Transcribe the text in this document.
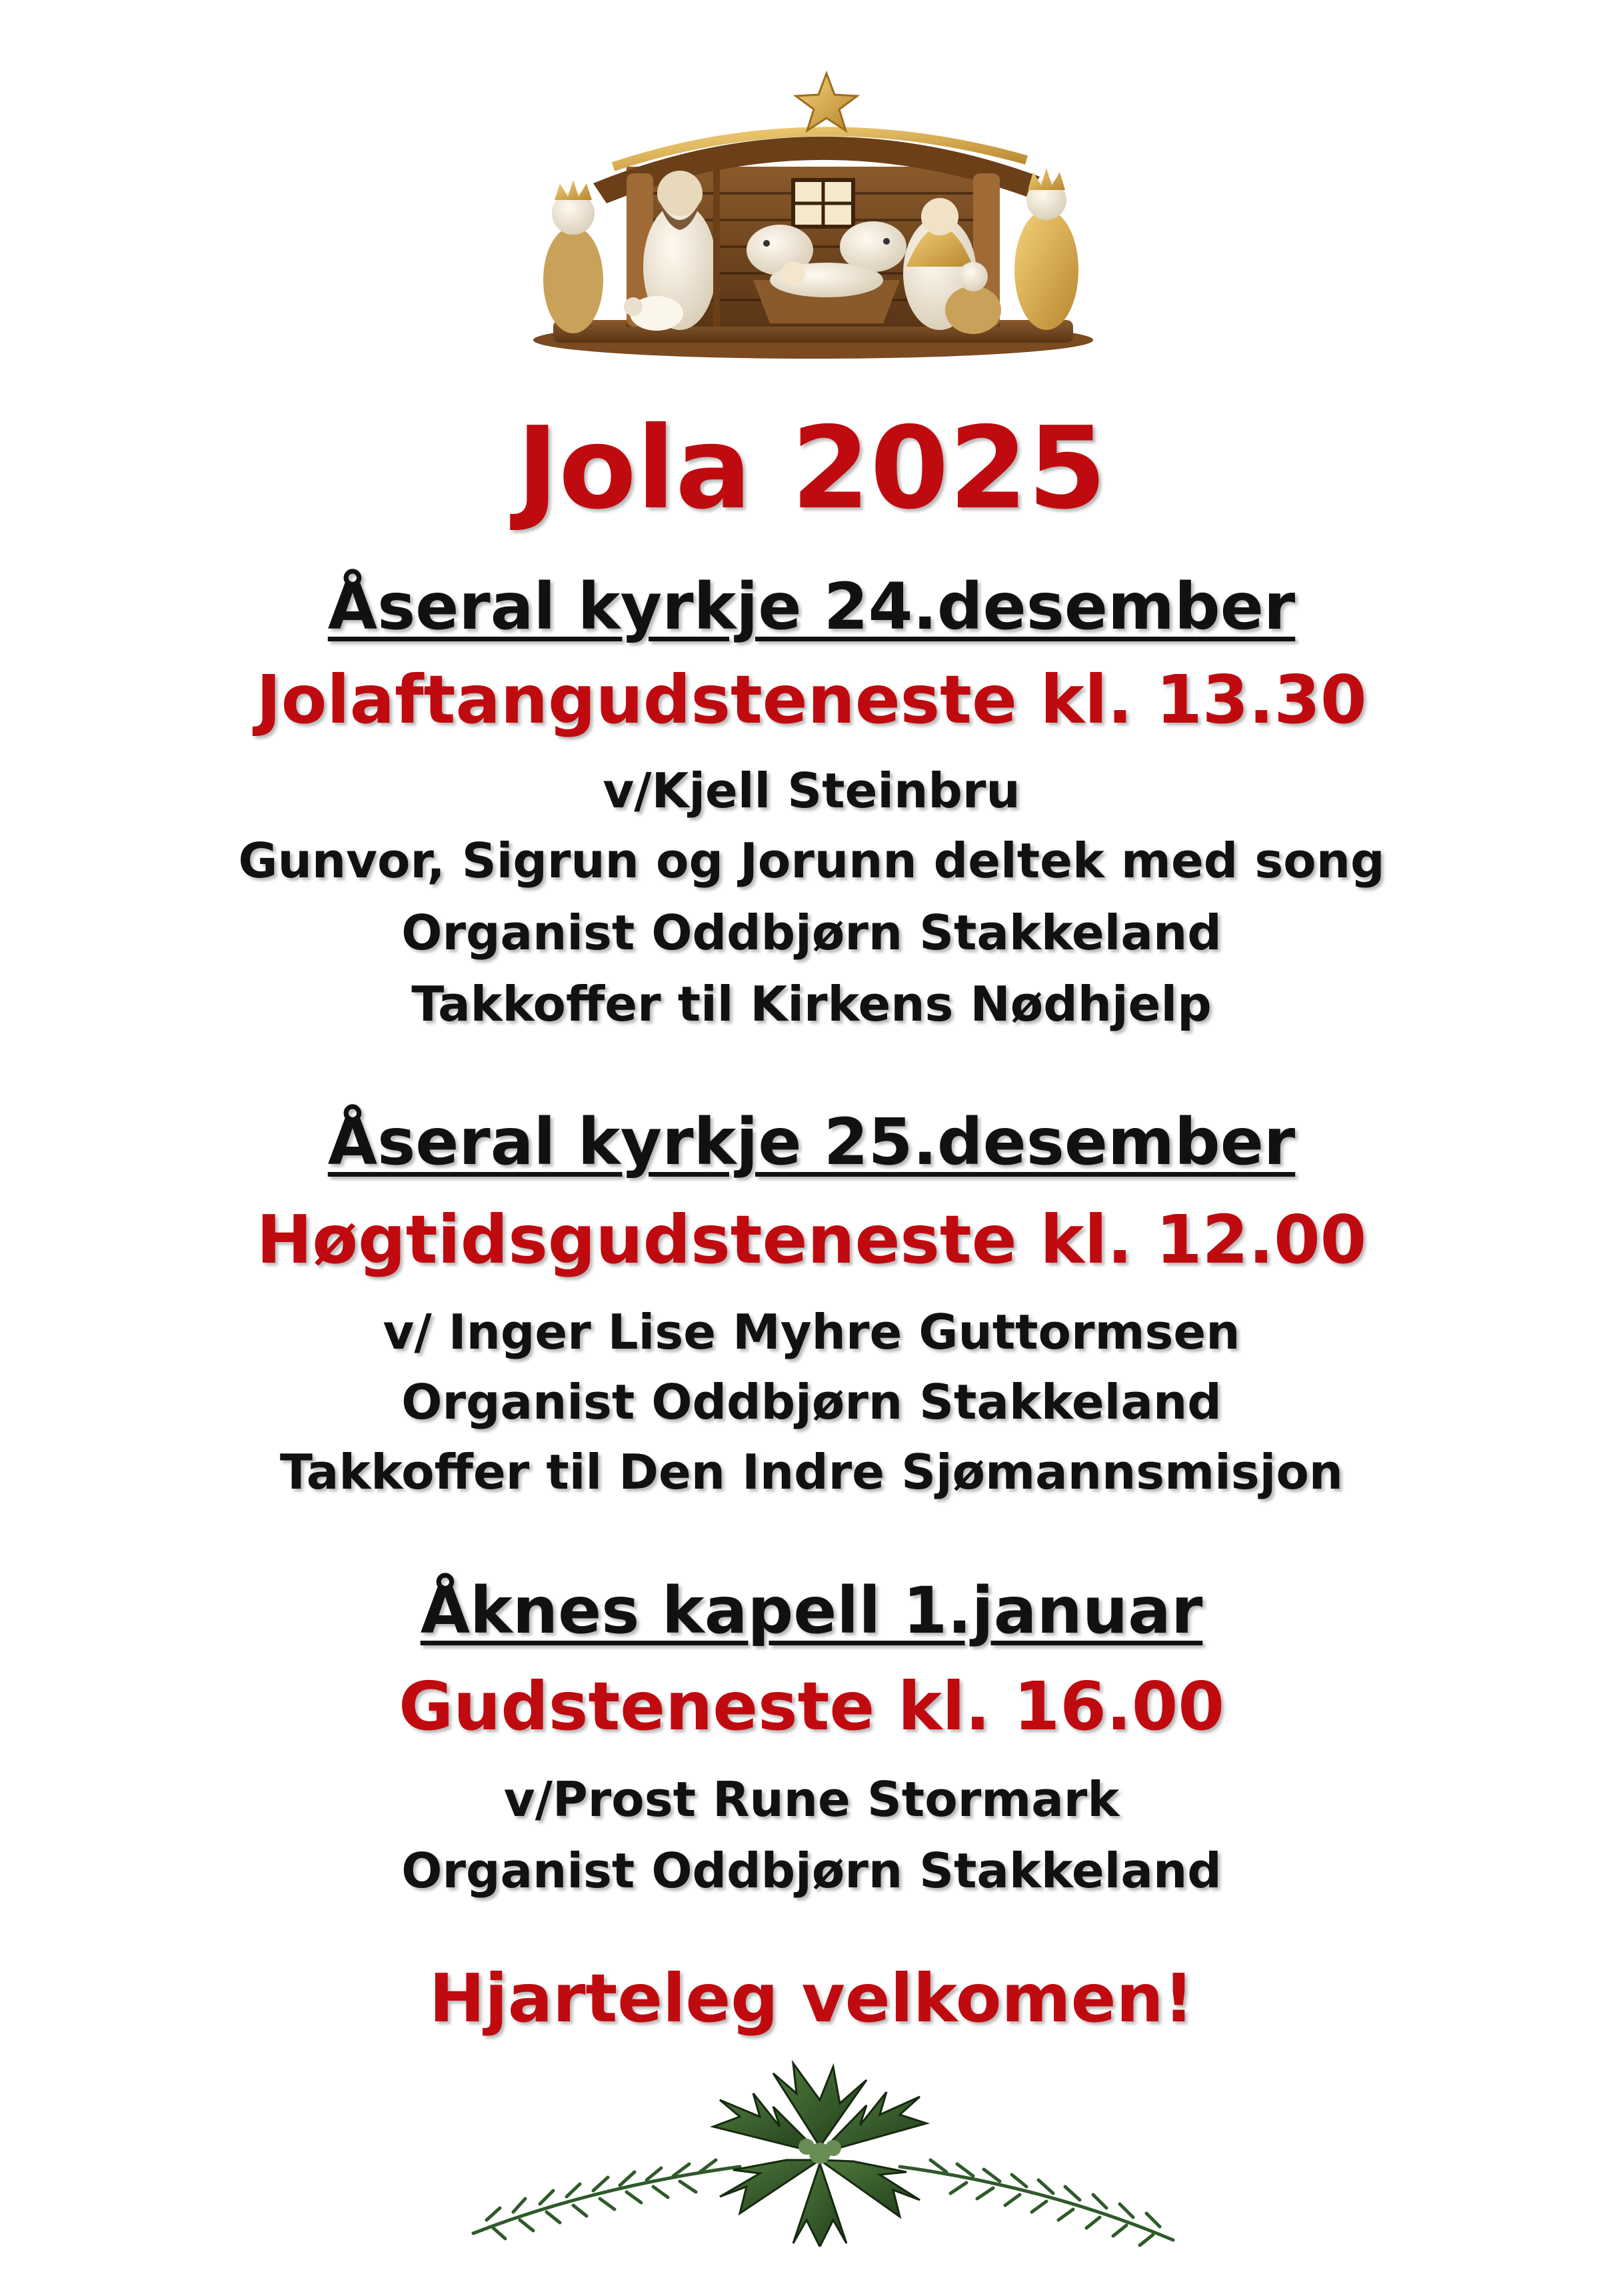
Jola 2025
Åseral kyrkje 24.desember
Jolaftangudsteneste kl. 13.30
v/Kjell Steinbru
Gunvor, Sigrun og Jorunn deltek med song
Organist Oddbjørn Stakkeland
Takkoffer til Kirkens Nødhjelp
Åseral kyrkje 25.desember
Høgtidsgudsteneste kl. 12.00
v/ Inger Lise Myhre Guttormsen
Organist Oddbjørn Stakkeland
Takkoffer til Den Indre Sjømannsmisjon
Åknes kapell 1.januar
Gudsteneste kl. 16.00
v/Prost Rune Stormark
Organist Oddbjørn Stakkeland
Hjarteleg velkomen!
